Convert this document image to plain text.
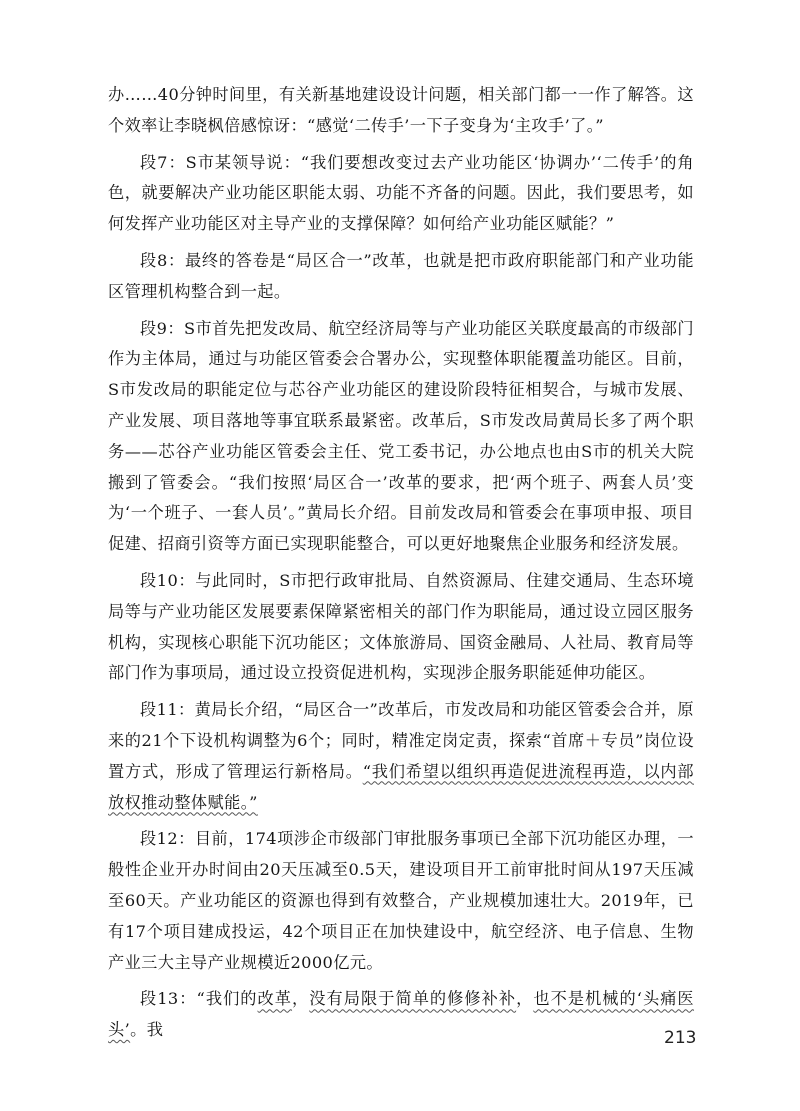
办……40分钟时间里，有关新基地建设设计问题，相关部门都一一作了解答。这个效率让李晓枫倍感惊讶：“感觉‘二传手’一下子变身为‘主攻手’了。”

段7：S市某领导说：“我们要想改变过去产业功能区‘协调办’‘二传手’的角色，就要解决产业功能区职能太弱、功能不齐备的问题。因此，我们要思考，如何发挥产业功能区对主导产业的支撑保障？如何给产业功能区赋能？”

段8：最终的答卷是“局区合一”改革，也就是把市政府职能部门和产业功能区管理机构整合到一起。

段9：S市首先把发改局、航空经济局等与产业功能区关联度最高的市级部门作为主体局，通过与功能区管委会合署办公，实现整体职能覆盖功能区。目前，S市发改局的职能定位与芯谷产业功能区的建设阶段特征相契合，与城市发展、产业发展、项目落地等事宜联系最紧密。改革后，S市发改局黄局长多了两个职务——芯谷产业功能区管委会主任、党工委书记，办公地点也由S市的机关大院搬到了管委会。“我们按照‘局区合一’改革的要求，把‘两个班子、两套人员’变为‘一个班子、一套人员’。”黄局长介绍。目前发改局和管委会在事项申报、项目促建、招商引资等方面已实现职能整合，可以更好地聚焦企业服务和经济发展。

段10：与此同时，S市把行政审批局、自然资源局、住建交通局、生态环境局等与产业功能区发展要素保障紧密相关的部门作为职能局，通过设立园区服务机构，实现核心职能下沉功能区；文体旅游局、国资金融局、人社局、教育局等部门作为事项局，通过设立投资促进机构，实现涉企服务职能延伸功能区。

段11：黄局长介绍，“局区合一”改革后，市发改局和功能区管委会合并，原来的21个下设机构调整为6个；同时，精准定岗定责，探索“首席＋专员”岗位设置方式，形成了管理运行新格局。“我们希望以组织再造促进流程再造，以内部放权推动整体赋能。”

段12：目前，174项涉企市级部门审批服务事项已全部下沉功能区办理，一般性企业开办时间由20天压减至0.5天，建设项目开工前审批时间从197天压减至60天。产业功能区的资源也得到有效整合，产业规模加速壮大。2019年，已有17个项目建成投运，42个项目正在加快建设中，航空经济、电子信息、生物产业三大主导产业规模近2000亿元。

段13：“我们的改革，没有局限于简单的修修补补，也不是机械的‘头痛医头’。我	213
